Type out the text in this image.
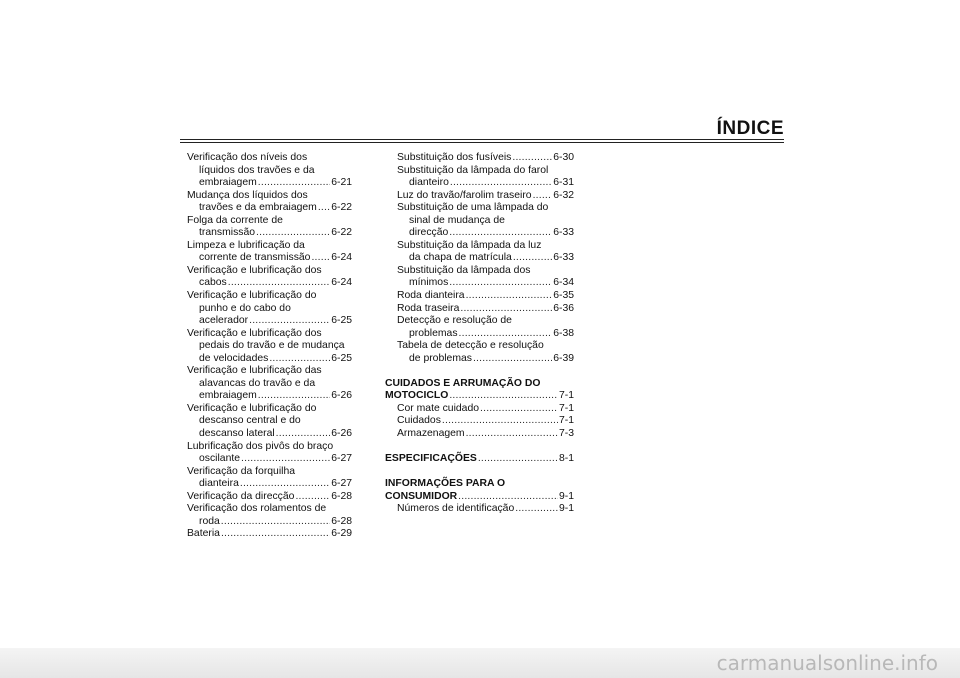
ÍNDICE
Verificação dos níveis dos
líquidos dos travões e da
embraiagem .....	6-21
Mudança dos líquidos dos
travões e da embraiagem ..... 6-22
Folga da corrente de
transmissão .....	6-22
Limpeza e lubrificação da
corrente de transmissão ..... 6-24
Verificação e lubrificação dos
cabos .....	6-24
Verificação e lubrificação do
punho e do cabo do
acelerador .....	6-25
Verificação e lubrificação dos
pedais do travão e de mudança
de velocidades .....	6-25
Verificação e lubrificação das
alavancas do travão e da
embraiagem .....	6-26
Verificação e lubrificação do
descanso central e do
descanso lateral .....	6-26
Lubrificação dos pivôs do braço
oscilante .....	6-27
Verificação da forquilha
dianteira .....	6-27
Verificação da direcção .....	6-28
Verificação dos rolamentos de
roda .....	6-28
Bateria .....	6-29
Substituição dos fusíveis .....	6-30
Substituição da lâmpada do farol
dianteiro .....	6-31
Luz do travão/farolim traseiro ..... 6-32
Substituição de uma lâmpada do
sinal de mudança de
direcção .....	6-33
Substituição da lâmpada da luz
da chapa de matrícula .....	6-33
Substituição da lâmpada dos
mínimos .....	6-34
Roda dianteira .....	6-35
Roda traseira .....	6-36
Detecção e resolução de
problemas .....	6-38
Tabela de detecção e resolução
de problemas .....	6-39
CUIDADOS E ARRUMAÇÃO DO
MOTOCICLO .....	7-1
Cor mate cuidado .....	7-1
Cuidados .....	7-1
Armazenagem .....	7-3
ESPECIFICAÇÕES .....	8-1
INFORMAÇÕES PARA O
CONSUMIDOR .....	9-1
Números de identificação .....	9-1
carmanualsonline.info
